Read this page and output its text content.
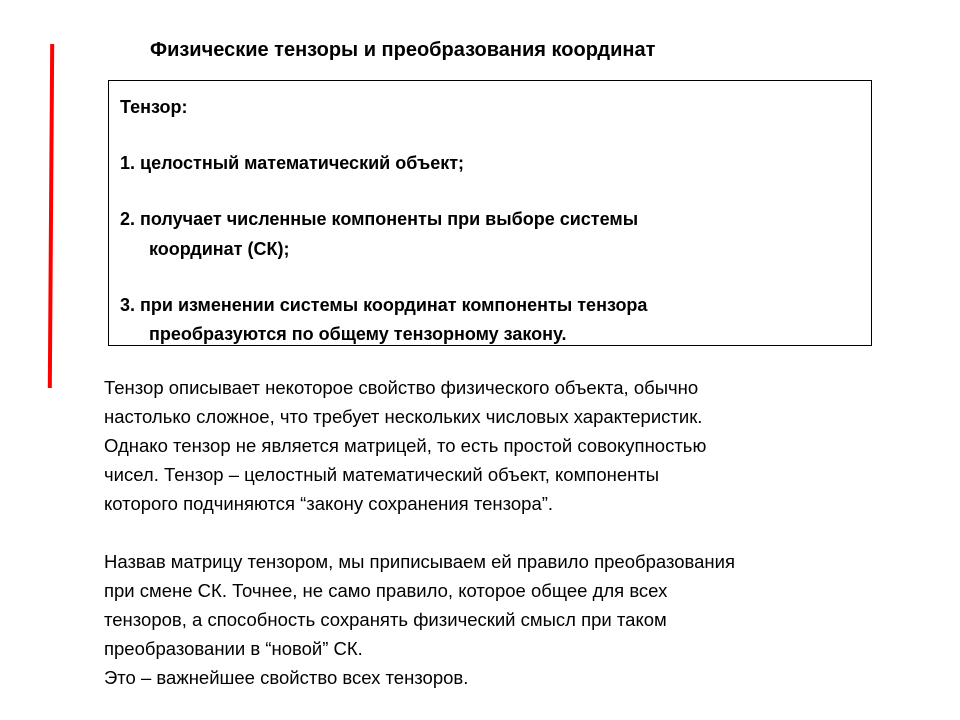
Физические тензоры и преобразования координат
Тензор:
1. целостный математический объект;
2. получает численные компоненты при выборе системы
координат (СК);
3. при изменении системы координат компоненты тензора
преобразуются по общему тензорному закону.
Тензор описывает некоторое свойство физического объекта, обычно
настолько сложное, что требует нескольких числовых характеристик.
Однако тензор не является матрицей, то есть простой совокупностью
чисел. Тензор – целостный математический объект, компоненты
которого подчиняются “закону сохранения тензора”.
Назвав матрицу тензором, мы приписываем ей правило преобразования
при смене СК. Точнее, не само правило, которое общее для всех
тензоров, а способность сохранять физический смысл при таком
преобразовании в “новой” СК.
Это – важнейшее свойство всех тензоров.
